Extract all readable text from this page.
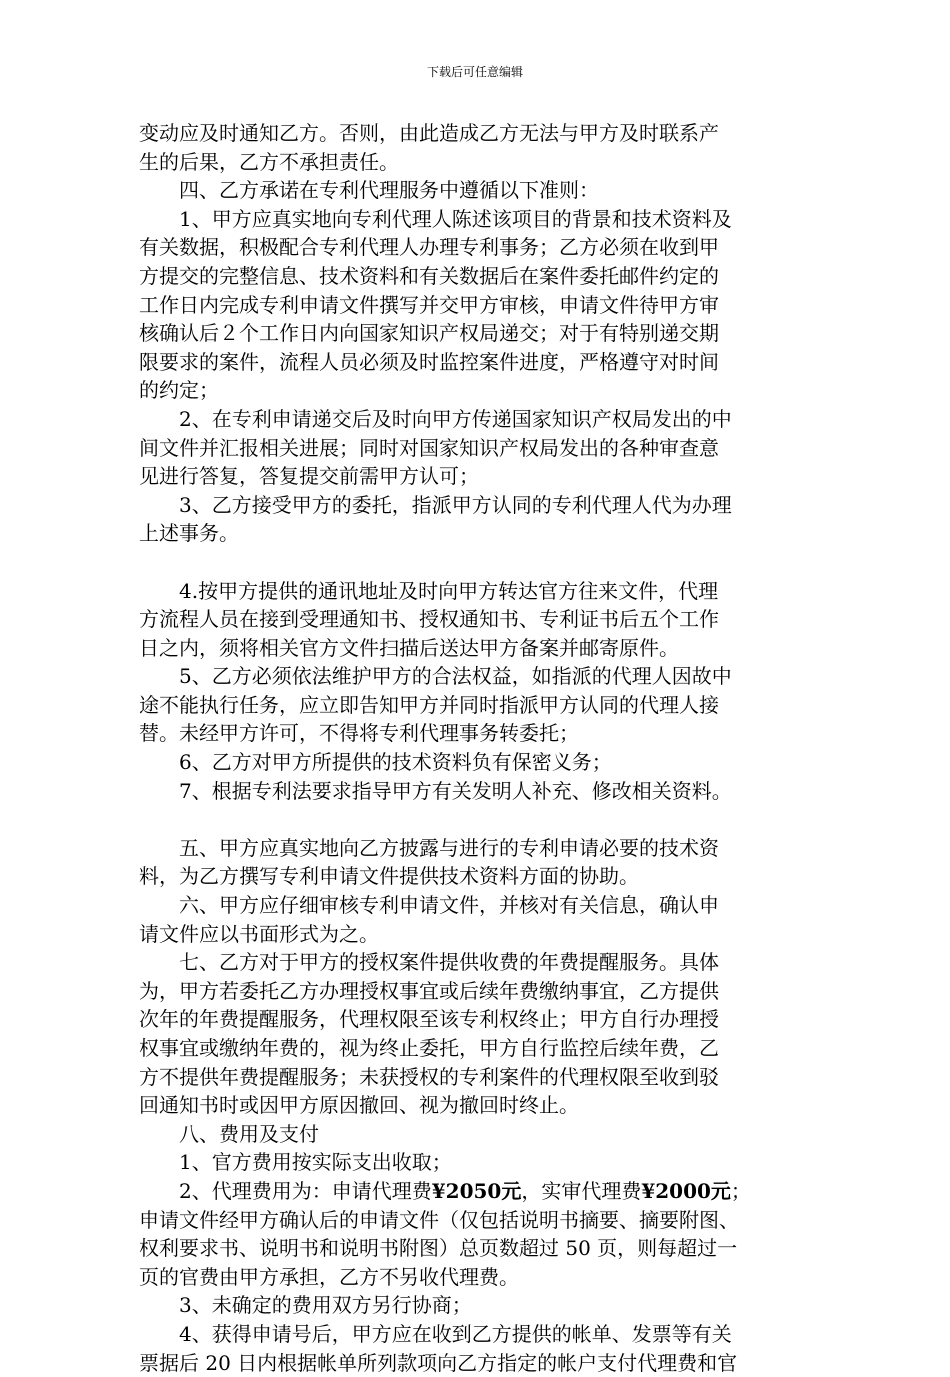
下载后可任意编辑
变动应及时通知乙方。否则，由此造成乙方无法与甲方及时联系产
生的后果，乙方不承担责任。
　　四、乙方承诺在专利代理服务中遵循以下准则：
　　1、甲方应真实地向专利代理人陈述该项目的背景和技术资料及
有关数据，积极配合专利代理人办理专利事务；乙方必须在收到甲
方提交的完整信息、技术资料和有关数据后在案件委托邮件约定的
工作日内完成专利申请文件撰写并交甲方审核，申请文件待甲方审
核确认后２个工作日内向国家知识产权局递交；对于有特别递交期
限要求的案件，流程人员必须及时监控案件进度，严格遵守对时间
的约定；
　　2、在专利申请递交后及时向甲方传递国家知识产权局发出的中
间文件并汇报相关进展；同时对国家知识产权局发出的各种审查意
见进行答复，答复提交前需甲方认可；
　　3、乙方接受甲方的委托，指派甲方认同的专利代理人代为办理
上述事务。
　　4.按甲方提供的通讯地址及时向甲方转达官方往来文件，代理
方流程人员在接到受理通知书、授权通知书、专利证书后五个工作
日之内，须将相关官方文件扫描后送达甲方备案并邮寄原件。
　　5、乙方必须依法维护甲方的合法权益，如指派的代理人因故中
途不能执行任务，应立即告知甲方并同时指派甲方认同的代理人接
替。未经甲方许可，不得将专利代理事务转委托；
　　6、乙方对甲方所提供的技术资料负有保密义务；
　　7、根据专利法要求指导甲方有关发明人补充、修改相关资料。
　　五、甲方应真实地向乙方披露与进行的专利申请必要的技术资
料，为乙方撰写专利申请文件提供技术资料方面的协助。
　　六、甲方应仔细审核专利申请文件，并核对有关信息，确认申
请文件应以书面形式为之。
　　七、乙方对于甲方的授权案件提供收费的年费提醒服务。具体
为，甲方若委托乙方办理授权事宜或后续年费缴纳事宜，乙方提供
次年的年费提醒服务，代理权限至该专利权终止；甲方自行办理授
权事宜或缴纳年费的，视为终止委托，甲方自行监控后续年费，乙
方不提供年费提醒服务；未获授权的专利案件的代理权限至收到驳
回通知书时或因甲方原因撤回、视为撤回时终止。
　　八、费用及支付
　　1、官方费用按实际支出收取；
　　2、代理费用为：申请代理费¥2050元，实审代理费¥2000元；
申请文件经甲方确认后的申请文件（仅包括说明书摘要、摘要附图、
权利要求书、说明书和说明书附图）总页数超过 50 页，则每超过一
页的官费由甲方承担，乙方不另收代理费。
　　3、未确定的费用双方另行协商；
　　4、获得申请号后，甲方应在收到乙方提供的帐单、发票等有关
票据后 20 日内根据帐单所列款项向乙方指定的帐户支付代理费和官
